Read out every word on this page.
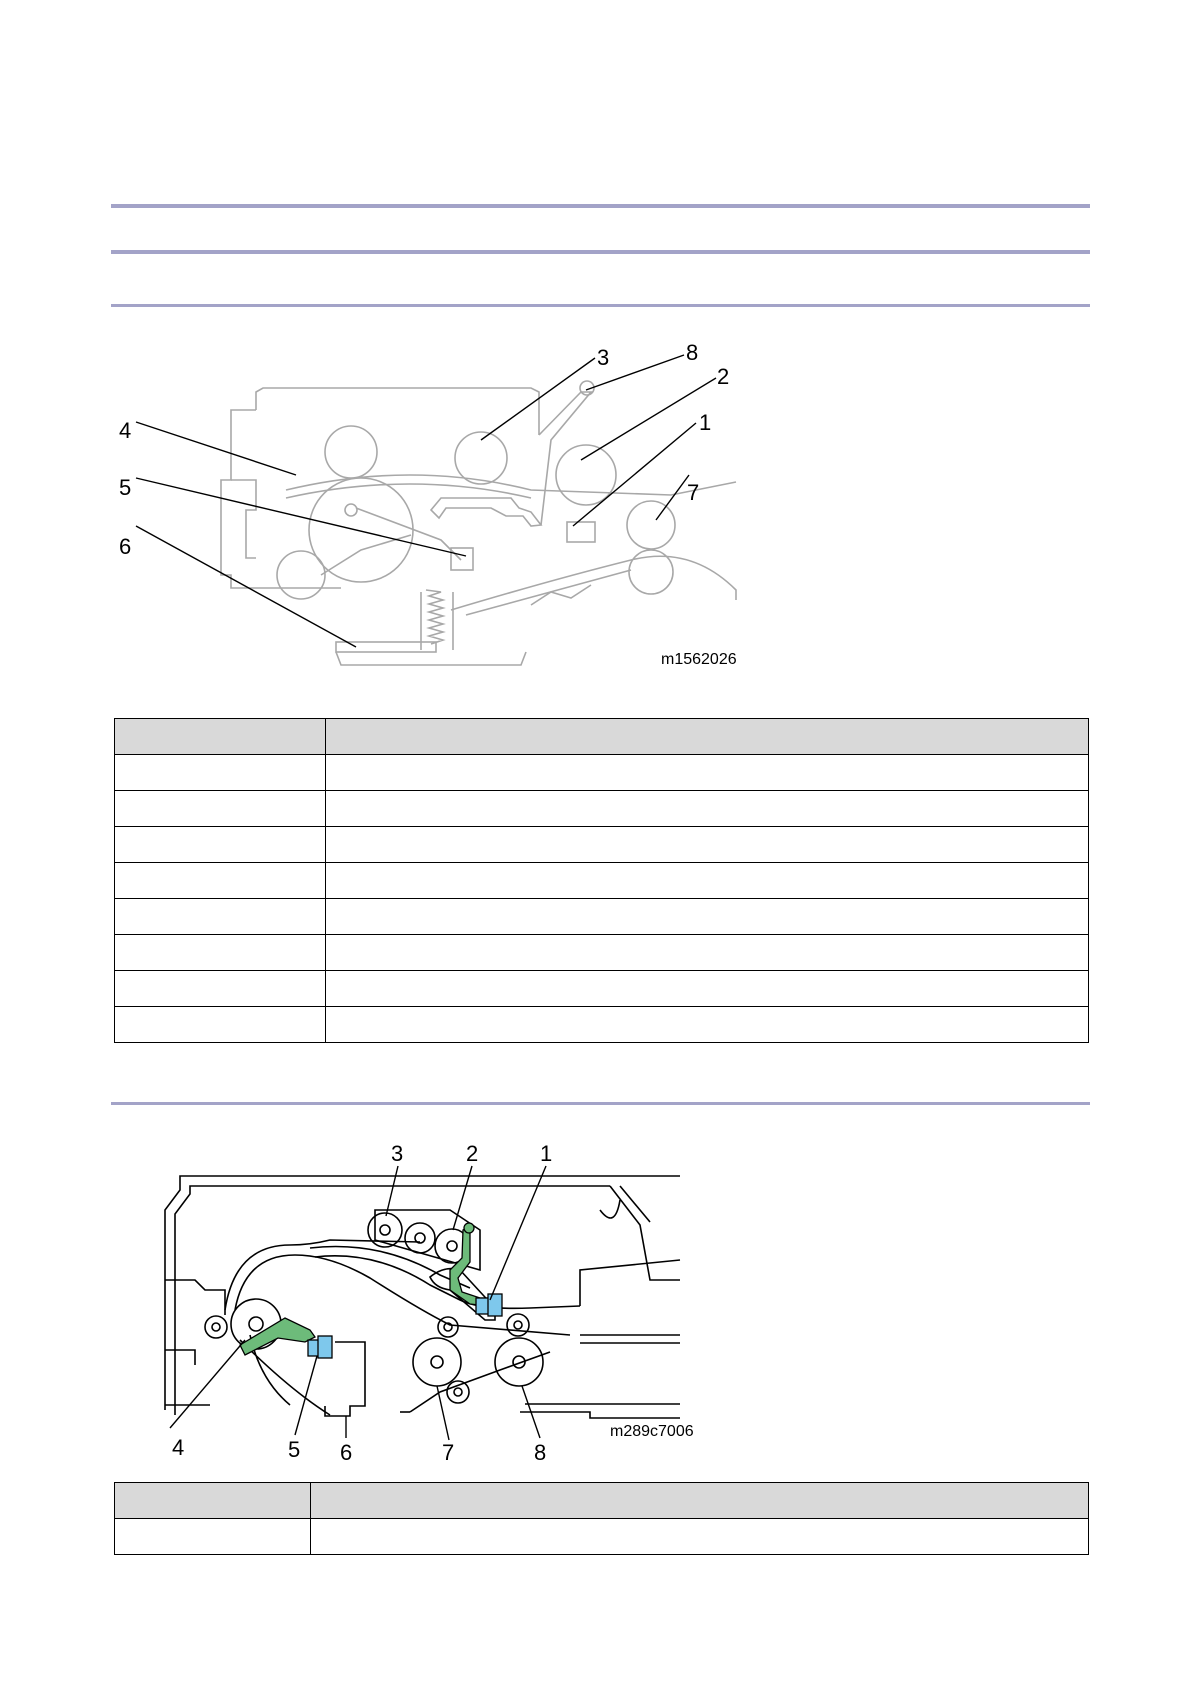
4
5
6
3	8
2
1
7
m1562026

3	2	1
4	5 6	7	8
m289c7006
